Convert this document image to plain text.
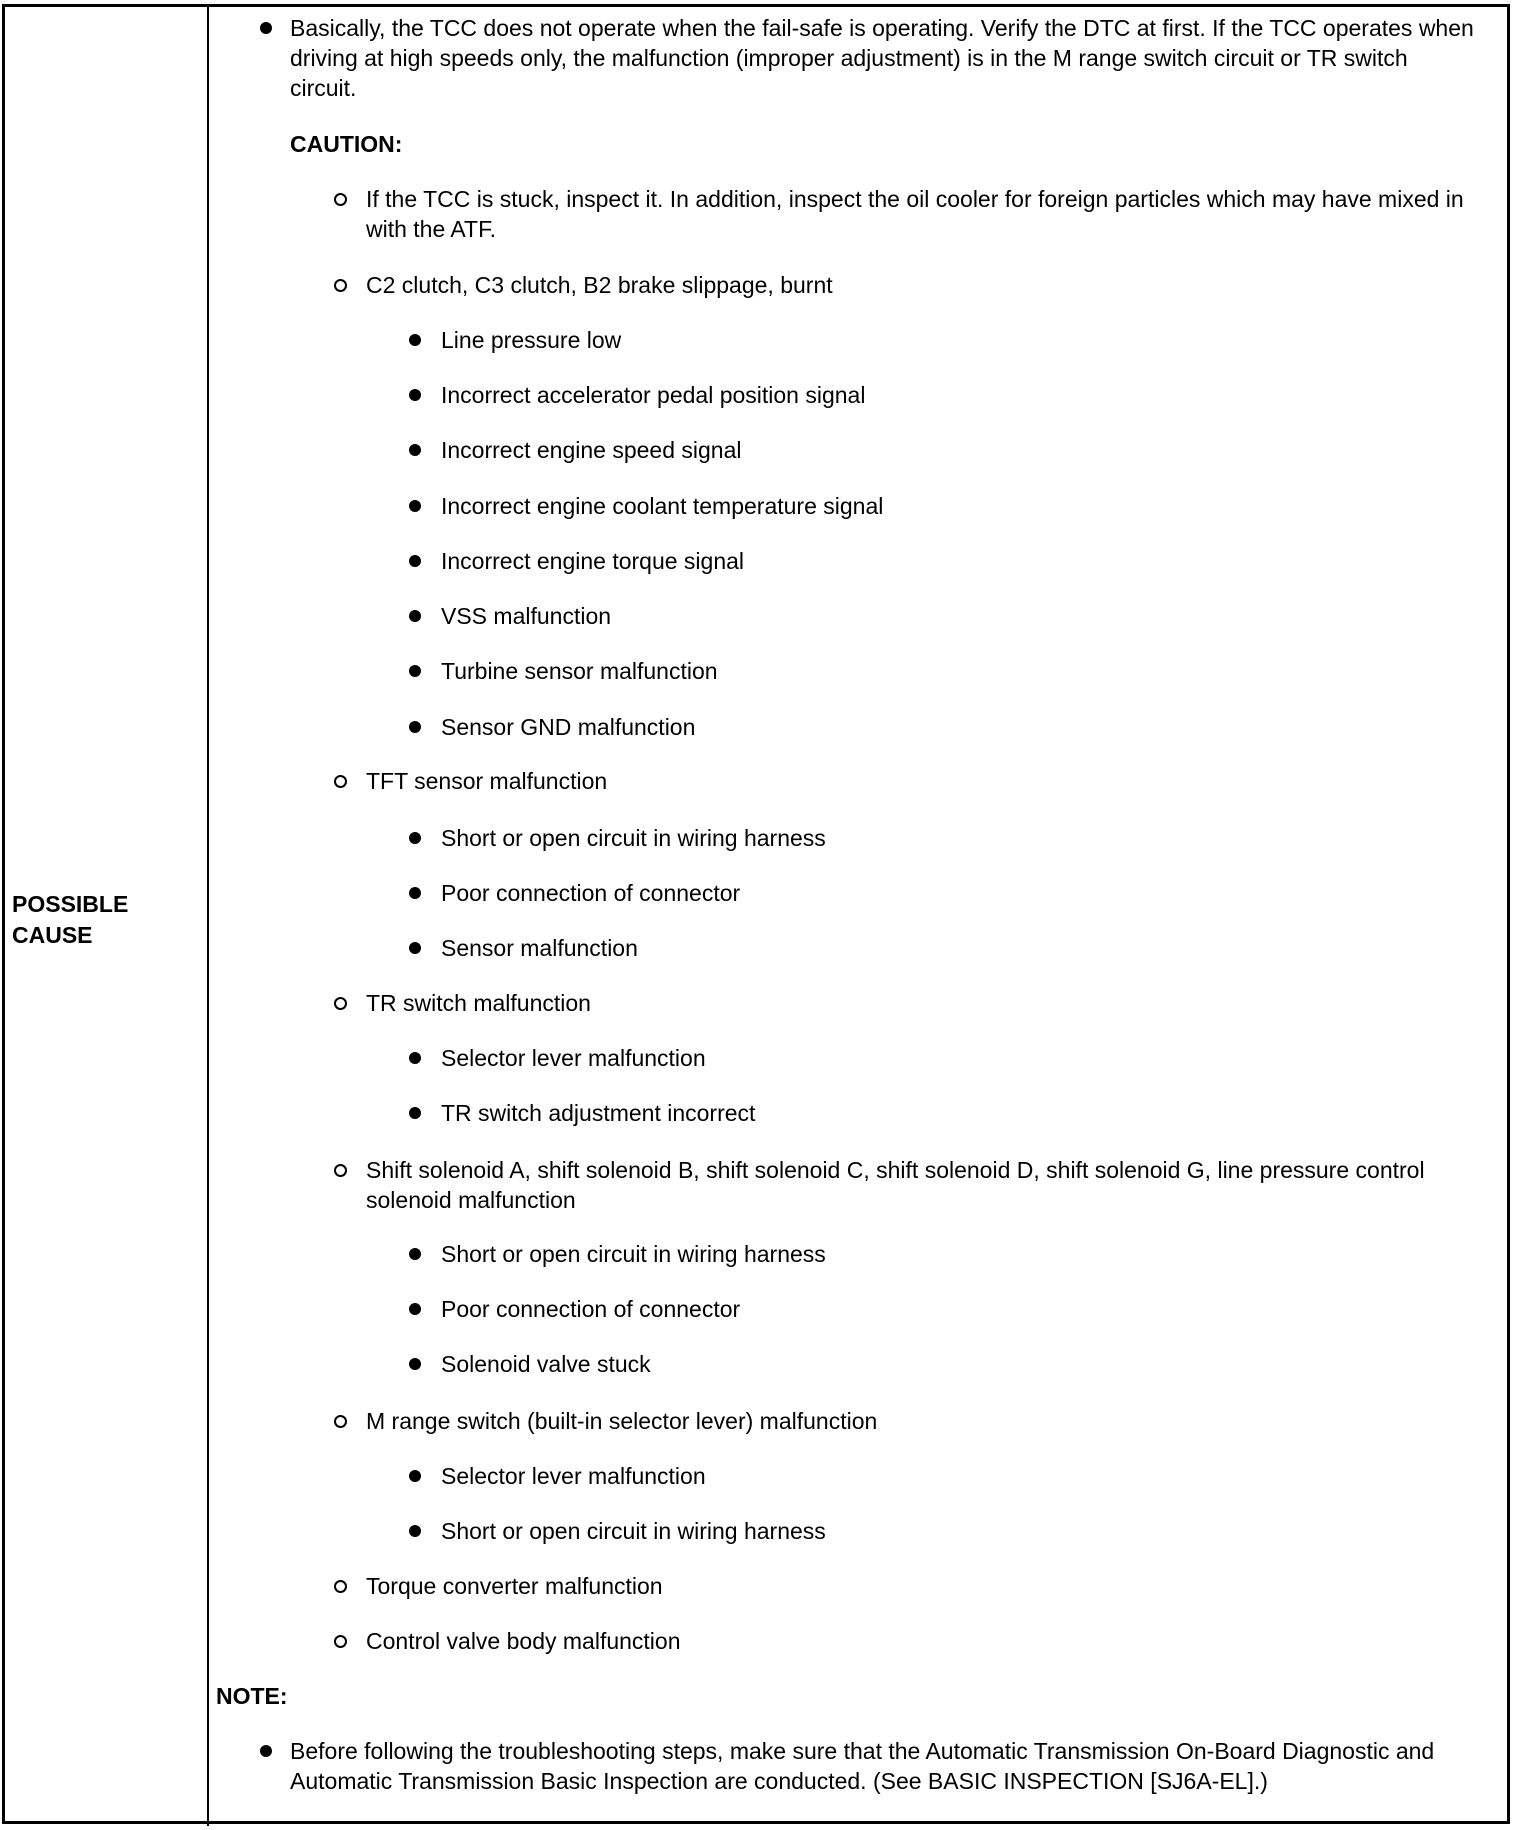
POSSIBLE CAUSE
Basically, the TCC does not operate when the fail-safe is operating. Verify the DTC at first. If the TCC operates when driving at high speeds only, the malfunction (improper adjustment) is in the M range switch circuit or TR switch circuit.
CAUTION:
If the TCC is stuck, inspect it. In addition, inspect the oil cooler for foreign particles which may have mixed in with the ATF.
C2 clutch, C3 clutch, B2 brake slippage, burnt
Line pressure low
Incorrect accelerator pedal position signal
Incorrect engine speed signal
Incorrect engine coolant temperature signal
Incorrect engine torque signal
VSS malfunction
Turbine sensor malfunction
Sensor GND malfunction
TFT sensor malfunction
Short or open circuit in wiring harness
Poor connection of connector
Sensor malfunction
TR switch malfunction
Selector lever malfunction
TR switch adjustment incorrect
Shift solenoid A, shift solenoid B, shift solenoid C, shift solenoid D, shift solenoid G, line pressure control solenoid malfunction
Short or open circuit in wiring harness
Poor connection of connector
Solenoid valve stuck
M range switch (built-in selector lever) malfunction
Selector lever malfunction
Short or open circuit in wiring harness
Torque converter malfunction
Control valve body malfunction
NOTE:
Before following the troubleshooting steps, make sure that the Automatic Transmission On-Board Diagnostic and Automatic Transmission Basic Inspection are conducted. (See BASIC INSPECTION [SJ6A-EL].)
